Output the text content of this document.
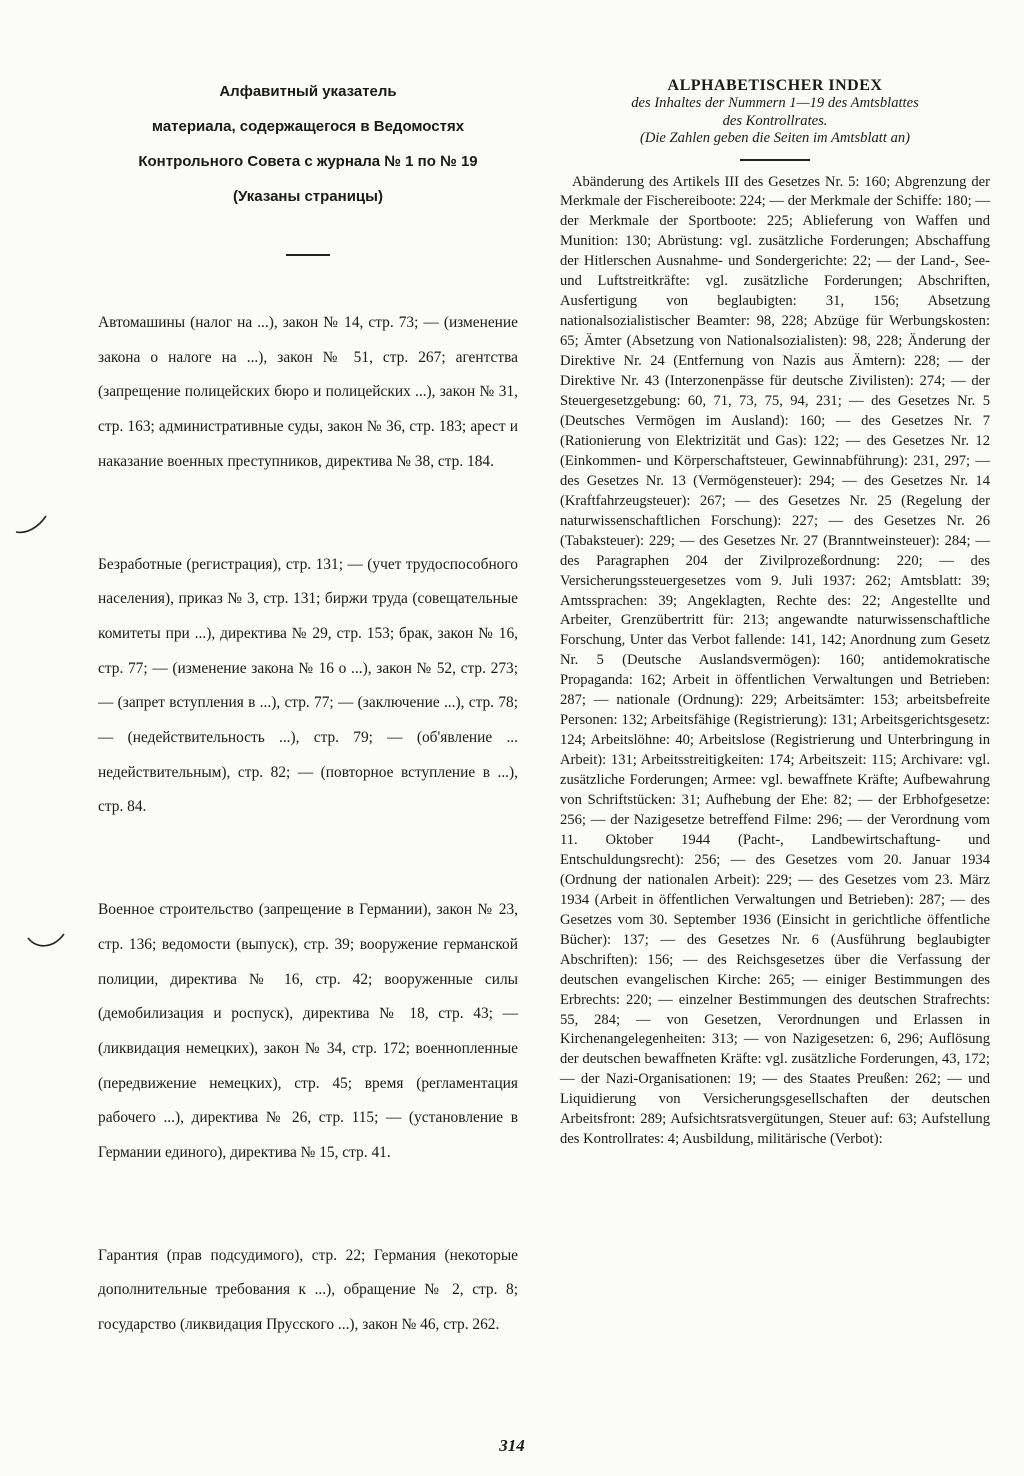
Алфавитный указатель
материала, содержащегося в Ведомостях
Контрольного Совета с журнала № 1 по № 19
(Указаны страницы)

Автомашины (налог на ...), закон № 14, стр. 73; — (изменение закона о налоге на ...), закон № 51, стр. 267; агентства (запрещение полицейских бюро и полицейских ...), закон № 31, стр. 163; административные суды, закон № 36, стр. 183; арест и наказание военных преступников, директива № 38, стр. 184.

Безработные (регистрация), стр. 131; — (учет трудоспособного населения), приказ № 3, стр. 131; биржи труда (совещательные комитеты при ...), директива № 29, стр. 153; брак, закон № 16, стр. 77; — (изменение закона № 16 о ...), закон № 52, стр. 273; — (запрет вступления в ...), стр. 77; — (заключение ...), стр. 78; — (недействительность ...), стр. 79; — (об'явление ... недействительным), стр. 82; — (повторное вступление в ...), стр. 84.

Военное строительство (запрещение в Германии), закон № 23, стр. 136; ведомости (выпуск), стр. 39; вооружение германской полиции, директива № 16, стр. 42; вооруженные силы (демобилизация и роспуск), директива № 18, стр. 43; — (ликвидация немецких), закон № 34, стр. 172; военнопленные (передвижение немецких), стр. 45; время (регламентация рабочего ...), директива № 26, стр. 115; — (установление в Германии единого), директива № 15, стр. 41.

Гарантия (прав подсудимого), стр. 22; Германия (некоторые дополнительные требования к ...), обращение № 2, стр. 8; государство (ликвидация Прусского ...), закон № 46, стр. 262.

ALPHABETISCHER INDEX
des Inhaltes der Nummern 1—19 des Amtsblattes
des Kontrollrates.
(Die Zahlen geben die Seiten im Amtsblatt an)

Abänderung des Artikels III des Gesetzes Nr. 5: 160; Abgrenzung der Merkmale der Fischereiboote: 224; — der Merkmale der Schiffe: 180; — der Merkmale der Sportboote: 225; Ablieferung von Waffen und Munition: 130; Abrüstung: vgl. zusätzliche Forderungen; Abschaffung der Hitlerschen Ausnahme- und Sondergerichte: 22; — der Land-, See- und Luftstreitkräfte: vgl. zusätzliche Forderungen; Abschriften, Ausfertigung von beglaubigten: 31, 156; Absetzung nationalsozialistischer Beamter: 98, 228; Abzüge für Werbungskosten: 65; Ämter (Absetzung von Nationalsozialisten): 98, 228; Änderung der Direktive Nr. 24 (Entfernung von Nazis aus Ämtern): 228; — der Direktive Nr. 43 (Interzonenpässe für deutsche Zivilisten): 274; — der Steuergesetzgebung: 60, 71, 73, 75, 94, 231; — des Gesetzes Nr. 5 (Deutsches Vermögen im Ausland): 160; — des Gesetzes Nr. 7 (Rationierung von Elektrizität und Gas): 122; — des Gesetzes Nr. 12 (Einkommen- und Körperschaftsteuer, Gewinnabführung): 231, 297; — des Gesetzes Nr. 13 (Vermögensteuer): 294; — des Gesetzes Nr. 14 (Kraftfahrzeugsteuer): 267; — des Gesetzes Nr. 25 (Regelung der naturwissenschaftlichen Forschung): 227; — des Gesetzes Nr. 26 (Tabaksteuer): 229; — des Gesetzes Nr. 27 (Branntweinsteuer): 284; — des Paragraphen 204 der Zivilprozeßordnung: 220; — des Versicherungssteuergesetzes vom 9. Juli 1937: 262; Amtsblatt: 39; Amtssprachen: 39; Angeklagten, Rechte des: 22; Angestellte und Arbeiter, Grenzübertritt für: 213; angewandte naturwissenschaftliche Forschung, Unter das Verbot fallende: 141, 142; Anordnung zum Gesetz Nr. 5 (Deutsche Auslandsvermögen): 160; antidemokratische Propaganda: 162; Arbeit in öffentlichen Verwaltungen und Betrieben: 287; — nationale (Ordnung): 229; Arbeitsämter: 153; arbeitsbefreite Personen: 132; Arbeitsfähige (Registrierung): 131; Arbeitsgerichtsgesetz: 124; Arbeitslöhne: 40; Arbeitslose (Registrierung und Unterbringung in Arbeit): 131; Arbeitsstreitigkeiten: 174; Arbeitszeit: 115; Archivare: vgl. zusätzliche Forderungen; Armee: vgl. bewaffnete Kräfte; Aufbewahrung von Schriftstücken: 31; Aufhebung der Ehe: 82; — der Erbhofgesetze: 256; — der Nazigesetze betreffend Filme: 296; — der Verordnung vom 11. Oktober 1944 (Pacht-, Landbewirtschaftung- und Entschuldungsrecht): 256; — des Gesetzes vom 20. Januar 1934 (Ordnung der nationalen Arbeit): 229; — des Gesetzes vom 23. März 1934 (Arbeit in öffentlichen Verwaltungen und Betrieben): 287; — des Gesetzes vom 30. September 1936 (Einsicht in gerichtliche öffentliche Bücher): 137; — des Gesetzes Nr. 6 (Ausführung beglaubigter Abschriften): 156; — des Reichsgesetzes über die Verfassung der deutschen evangelischen Kirche: 265; — einiger Bestimmungen des Erbrechts: 220; — einzelner Bestimmungen des deutschen Strafrechts: 55, 284; — von Gesetzen, Verordnungen und Erlassen in Kirchenangelegenheiten: 313; — von Nazigesetzen: 6, 296; Auflösung der deutschen bewaffneten Kräfte: vgl. zusätzliche Forderungen, 43, 172; — der Nazi-Organisationen: 19; — des Staates Preußen: 262; — und Liquidierung von Versicherungsgesellschaften der deutschen Arbeitsfront: 289; Aufsichtsratsvergütungen, Steuer auf: 63; Aufstellung des Kontrollrates: 4; Ausbildung, militärische (Verbot):

314
